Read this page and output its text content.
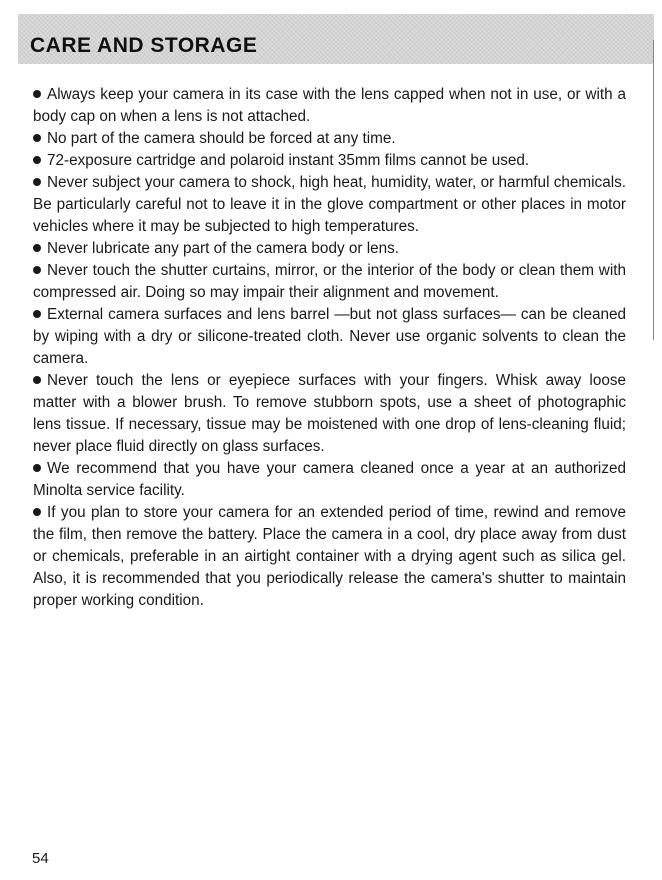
CARE AND STORAGE
Always keep your camera in its case with the lens capped when not in use, or with a body cap on when a lens is not attached.
No part of the camera should be forced at any time.
72-exposure cartridge and polaroid instant 35mm films cannot be used.
Never subject your camera to shock, high heat, humidity, water, or harmful chemicals. Be particularly careful not to leave it in the glove compartment or other places in motor vehicles where it may be subjected to high temperatures.
Never lubricate any part of the camera body or lens.
Never touch the shutter curtains, mirror, or the interior of the body or clean them with compressed air. Doing so may impair their alignment and movement.
External camera surfaces and lens barrel —but not glass surfaces— can be cleaned by wiping with a dry or silicone-treated cloth. Never use organic solvents to clean the camera.
Never touch the lens or eyepiece surfaces with your fingers. Whisk away loose matter with a blower brush. To remove stubborn spots, use a sheet of photographic lens tissue. If necessary, tissue may be moistened with one drop of lens-cleaning fluid; never place fluid directly on glass surfaces.
We recommend that you have your camera cleaned once a year at an authorized Minolta service facility.
If you plan to store your camera for an extended period of time, rewind and remove the film, then remove the battery. Place the camera in a cool, dry place away from dust or chemicals, preferable in an airtight container with a drying agent such as silica gel. Also, it is recommended that you periodically release the camera's shutter to maintain proper working condition.
54
